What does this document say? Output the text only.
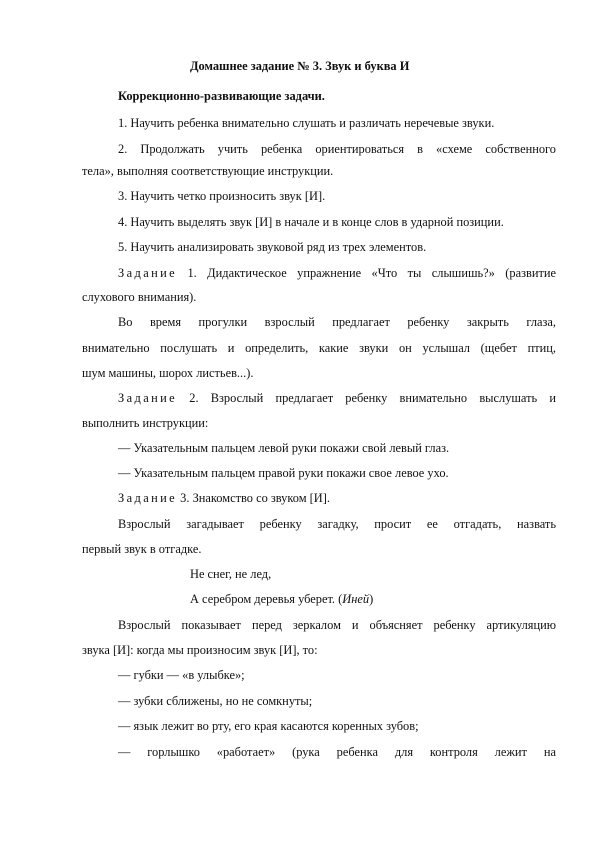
Домашнее задание № 3. Звук и буква И
Коррекционно-развивающие задачи.
1. Научить ребенка внимательно слушать и различать неречевые звуки.
2. Продолжать учить ребенка ориентироваться в «схеме собственного
тела», выполняя соответствующие инструкции.
3. Научить четко произносить звук [И].
4. Научить выделять звук [И] в начале и в конце слов в ударной позиции.
5. Научить анализировать звуковой ряд из трех элементов.
Задание 1. Дидактическое упражнение «Что ты слышишь?» (развитие
слухового внимания).
Во время прогулки взрослый предлагает ребенку закрыть глаза,
внимательно послушать и определить, какие звуки он услышал (щебет птиц,
шум машины, шорох листьев...).
Задание 2. Взрослый предлагает ребенку внимательно выслушать и
выполнить инструкции:
— Указательным пальцем левой руки покажи свой левый глаз.
— Указательным пальцем правой руки покажи свое левое ухо.
Задание 3. Знакомство со звуком [И].
Взрослый загадывает ребенку загадку, просит ее отгадать, назвать
первый звук в отгадке.
Не снег, не лед,
А серебром деревья уберет. (Иней)
Взрослый показывает перед зеркалом и объясняет ребенку артикуляцию
звука [И]: когда мы произносим звук [И], то:
— губки — «в улыбке»;
— зубки сближены, но не сомкнуты;
— язык лежит во рту, его края касаются коренных зубов;
— горлышко «работает» (рука ребенка для контроля лежит на
